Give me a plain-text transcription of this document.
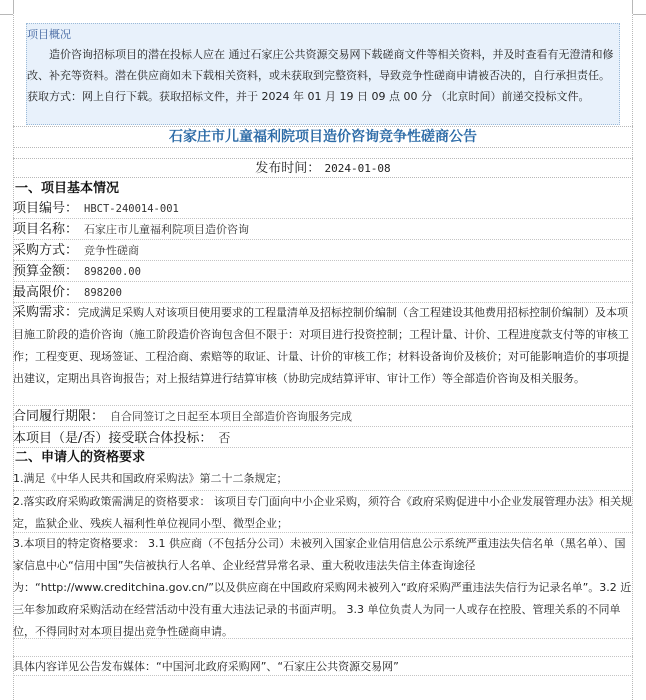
项目概况
造价咨询招标项目的潜在投标人应在 通过石家庄公共资源交易网下载磋商文件等相关资料，并及时查看有无澄清和修改、补充等资料。潜在供应商如未下载相关资料，或未获取到完整资料，导致竞争性磋商申请被否决的，自行承担责任。获取方式：网上自行下载。获取招标文件，并于 2024 年 01 月 19 日 09 点 00 分 （北京时间）前递交投标文件。
石家庄市儿童福利院项目造价咨询竞争性磋商公告
发布时间： 2024-01-08
一、项目基本情况
项目编号： HBCT-240014-001
项目名称： 石家庄市儿童福利院项目造价咨询
采购方式： 竞争性磋商
预算金额： 898200.00
最高限价： 898200
采购需求：完成满足采购人对该项目使用要求的工程量清单及招标控制价编制（含工程建设其他费用招标控制价编制）及本项目施工阶段的造价咨询（施工阶段造价咨询包含但不限于：对项目进行投资控制；工程计量、计价、工程进度款支付等的审核工作；工程变更、现场签证、工程洽商、索赔等的取证、计量、计价的审核工作；材料设备询价及核价；对可能影响造价的事项提出建议，定期出具咨询报告；对上报结算进行结算审核（协助完成结算评审、审计工作）等全部造价咨询及相关服务。
合同履行期限： 自合同签订之日起至本项目全部造价咨询服务完成
本项目（是/否）接受联合体投标： 否
二、申请人的资格要求
1.满足《中华人民共和国政府采购法》第二十二条规定；
2.落实政府采购政策需满足的资格要求： 该项目专门面向中小企业采购，须符合《政府采购促进中小企业发展管理办法》相关规定，监狱企业、残疾人福利性单位视同小型、微型企业；
3.本项目的特定资格要求： 3.1 供应商（不包括分公司）未被列入国家企业信用信息公示系统严重违法失信名单（黑名单）、国家信息中心“信用中国”失信被执行人名单、企业经营异常名录、重大税收违法失信主体查询途径为：“http://www.creditchina.gov.cn/”以及供应商在中国政府采购网未被列入“政府采购严重违法失信行为记录名单”。3.2 近三年参加政府采购活动在经营活动中没有重大违法记录的书面声明。 3.3 单位负责人为同一人或存在控股、管理关系的不同单位，不得同时对本项目提出竞争性磋商申请。
具体内容详见公告发布媒体：“中国河北政府采购网”、“石家庄公共资源交易网”
